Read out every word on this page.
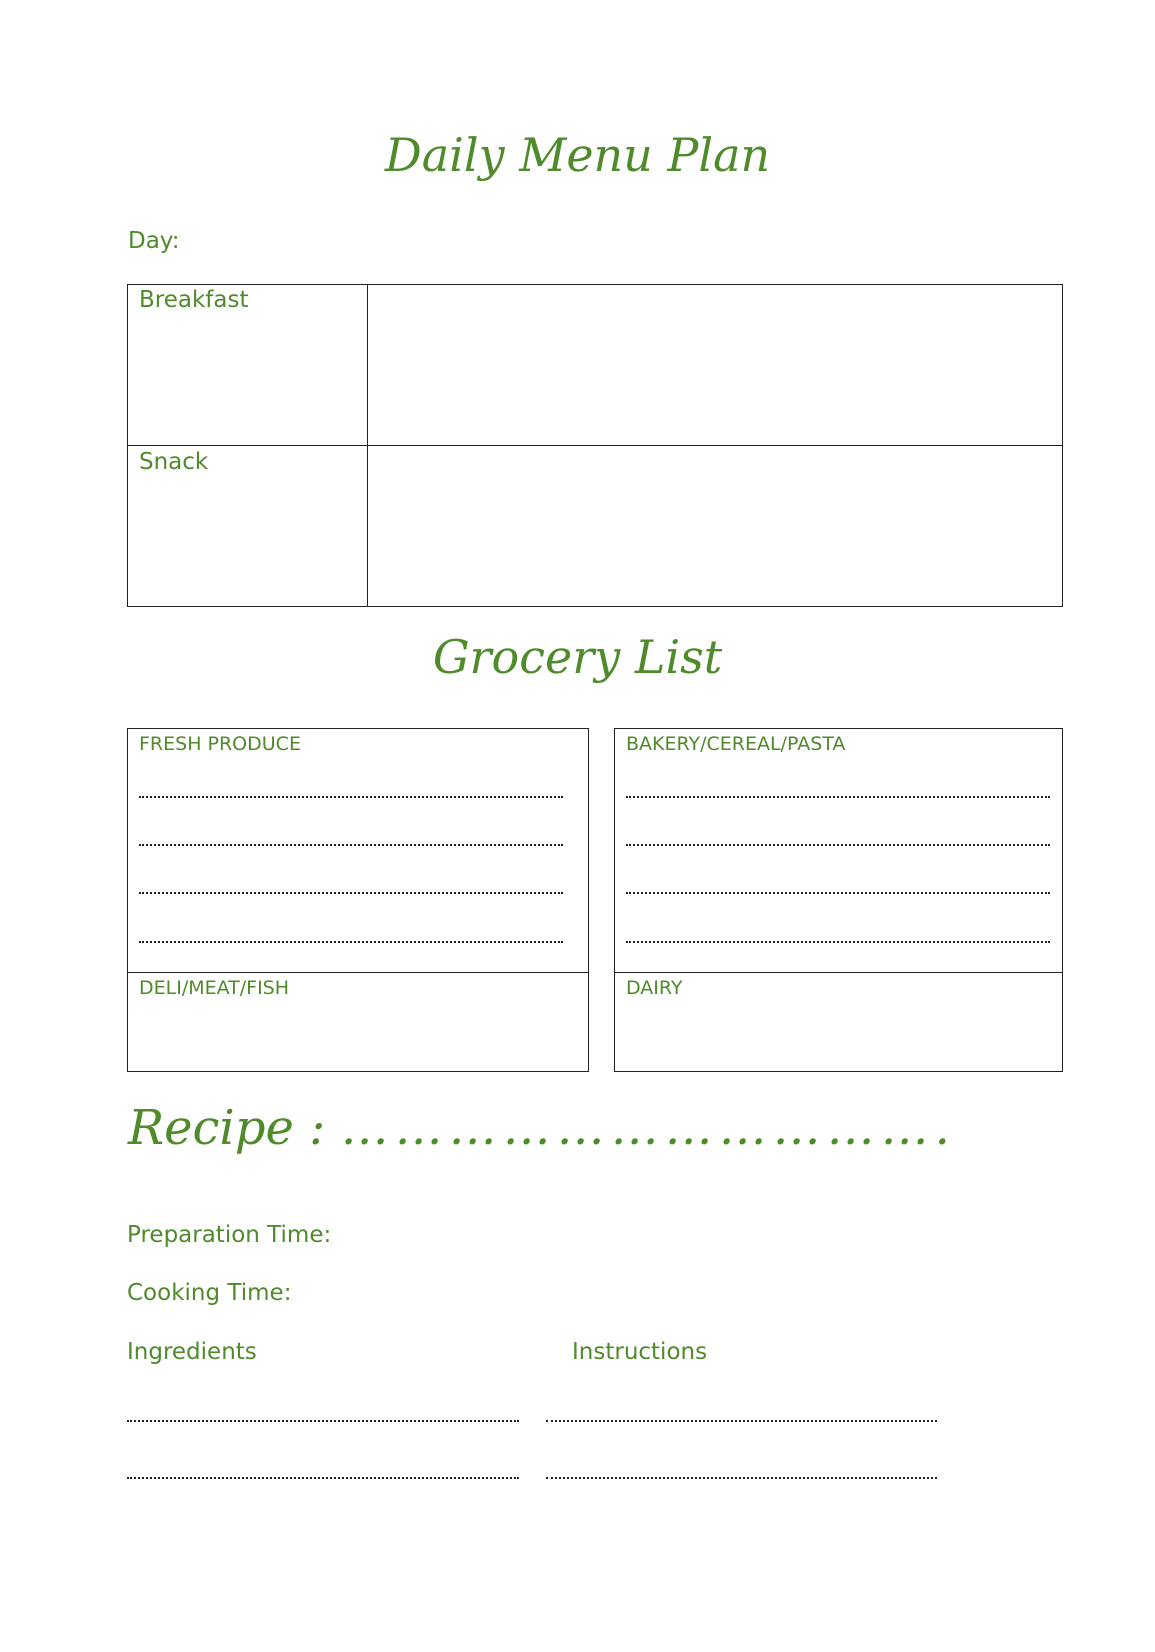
Daily Menu Plan
Day:
Breakfast
Snack
Grocery List
FRESH PRODUCE
DELI/MEAT/FISH
BAKERY/CEREAL/PASTA
DAIRY
Recipe : …………………………….
Preparation Time:
Cooking Time:
Ingredients	Instructions
